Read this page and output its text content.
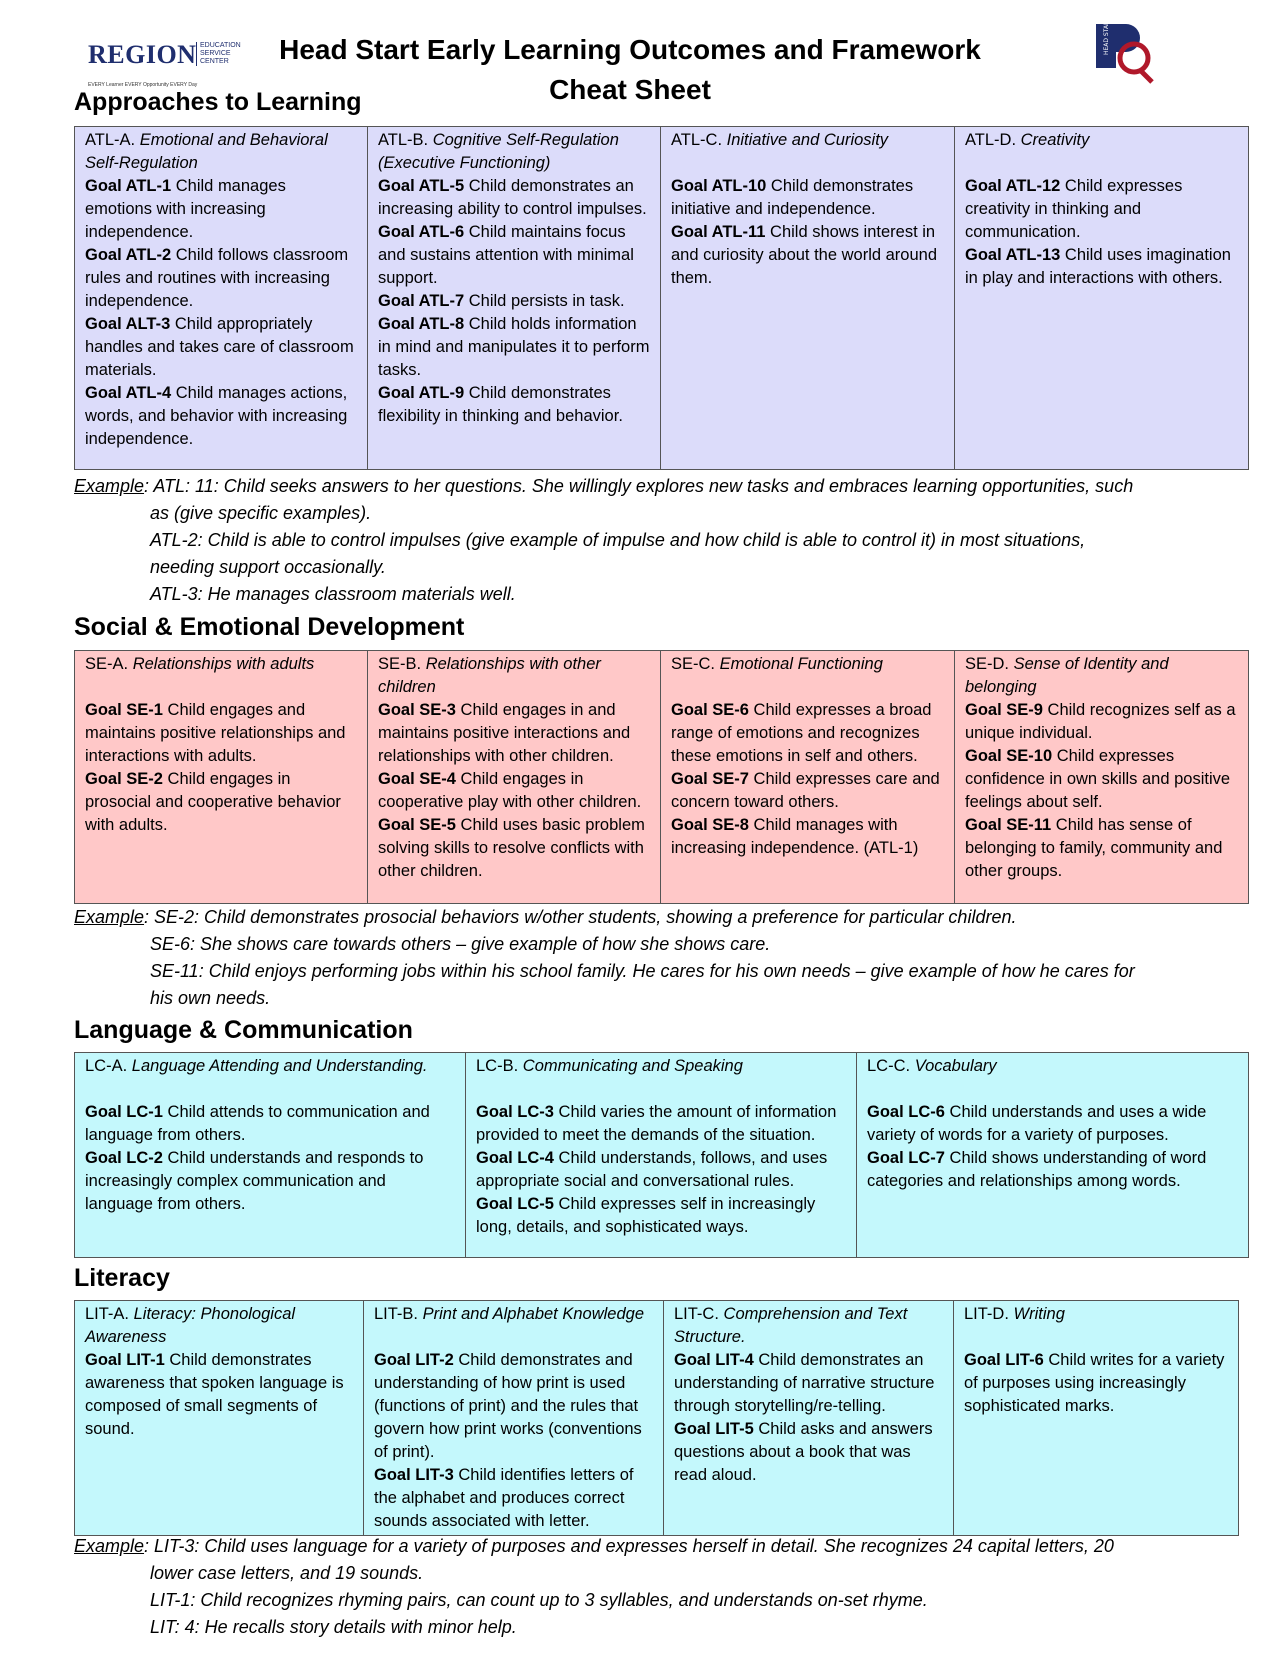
REGION EDUCATION
SERVICE
CENTER
EVERY Learner EVERY Opportunity EVERY Day
Head Start Early Learning Outcomes and Framework
Cheat Sheet
HEAD START
Approaches to Learning
ATL-A. Emotional and Behavioral Self-Regulation
Goal ATL-1 Child manages emotions with increasing independence.
Goal ATL-2 Child follows classroom rules and routines with increasing independence.
Goal ALT-3 Child appropriately handles and takes care of classroom materials.
Goal ATL-4 Child manages actions, words, and behavior with increasing independence.
	ATL-B. Cognitive Self-Regulation (Executive Functioning)
Goal ATL-5 Child demonstrates an increasing ability to control impulses.
Goal ATL-6 Child maintains focus and sustains attention with minimal support.
Goal ATL-7 Child persists in task.
Goal ATL-8 Child holds information in mind and manipulates it to perform tasks.
Goal ATL-9 Child demonstrates flexibility in thinking and behavior.
	ATL-C. Initiative and Curiosity
Goal ATL-10 Child demonstrates initiative and independence.
Goal ATL-11 Child shows interest in and curiosity about the world around them.
	ATL-D. Creativity
Goal ATL-12 Child expresses creativity in thinking and communication.
Goal ATL-13 Child uses imagination in play and interactions with others.
Example: ATL: 11: Child seeks answers to her questions. She willingly explores new tasks and embraces learning opportunities, such
as (give specific examples).
ATL-2: Child is able to control impulses (give example of impulse and how child is able to control it) in most situations,
needing support occasionally.
ATL-3: He manages classroom materials well.
Social & Emotional Development
SE-A. Relationships with adults
Goal SE-1 Child engages and maintains positive relationships and interactions with adults.
Goal SE-2 Child engages in prosocial and cooperative behavior with adults.
	SE-B. Relationships with other children
Goal SE-3 Child engages in and maintains positive interactions and relationships with other children.
Goal SE-4 Child engages in cooperative play with other children.
Goal SE-5 Child uses basic problem solving skills to resolve conflicts with other children.
	SE-C. Emotional Functioning
Goal SE-6 Child expresses a broad range of emotions and recognizes these emotions in self and others.
Goal SE-7 Child expresses care and concern toward others.
Goal SE-8 Child manages with increasing independence. (ATL-1)
	SE-D. Sense of Identity and belonging
Goal SE-9 Child recognizes self as a unique individual.
Goal SE-10 Child expresses confidence in own skills and positive feelings about self.
Goal SE-11 Child has sense of belonging to family, community and other groups.
Example: SE-2: Child demonstrates prosocial behaviors w/other students, showing a preference for particular children.
SE-6: She shows care towards others – give example of how she shows care.
SE-11: Child enjoys performing jobs within his school family. He cares for his own needs – give example of how he cares for
his own needs.
Language & Communication
LC-A. Language Attending and Understanding.
Goal LC-1 Child attends to communication and language from others.
Goal LC-2 Child understands and responds to increasingly complex communication and language from others.
	LC-B. Communicating and Speaking
Goal LC-3 Child varies the amount of information provided to meet the demands of the situation.
Goal LC-4 Child understands, follows, and uses appropriate social and conversational rules.
Goal LC-5 Child expresses self in increasingly long, details, and sophisticated ways.
	LC-C. Vocabulary
Goal LC-6 Child understands and uses a wide variety of words for a variety of purposes.
Goal LC-7 Child shows understanding of word categories and relationships among words.
Literacy
LIT-A. Literacy: Phonological Awareness
Goal LIT-1 Child demonstrates awareness that spoken language is composed of small segments of sound.
	LIT-B. Print and Alphabet Knowledge
Goal LIT-2 Child demonstrates and understanding of how print is used (functions of print) and the rules that govern how print works (conventions of print).
Goal LIT-3 Child identifies letters of the alphabet and produces correct sounds associated with letter.
	LIT-C. Comprehension and Text Structure.
Goal LIT-4 Child demonstrates an understanding of narrative structure through storytelling/re-telling.
Goal LIT-5 Child asks and answers questions about a book that was read aloud.
	LIT-D. Writing
Goal LIT-6 Child writes for a variety of purposes using increasingly sophisticated marks.
Example: LIT-3: Child uses language for a variety of purposes and expresses herself in detail. She recognizes 24 capital letters, 20
lower case letters, and 19 sounds.
LIT-1: Child recognizes rhyming pairs, can count up to 3 syllables, and understands on-set rhyme.
LIT: 4: He recalls story details with minor help.
